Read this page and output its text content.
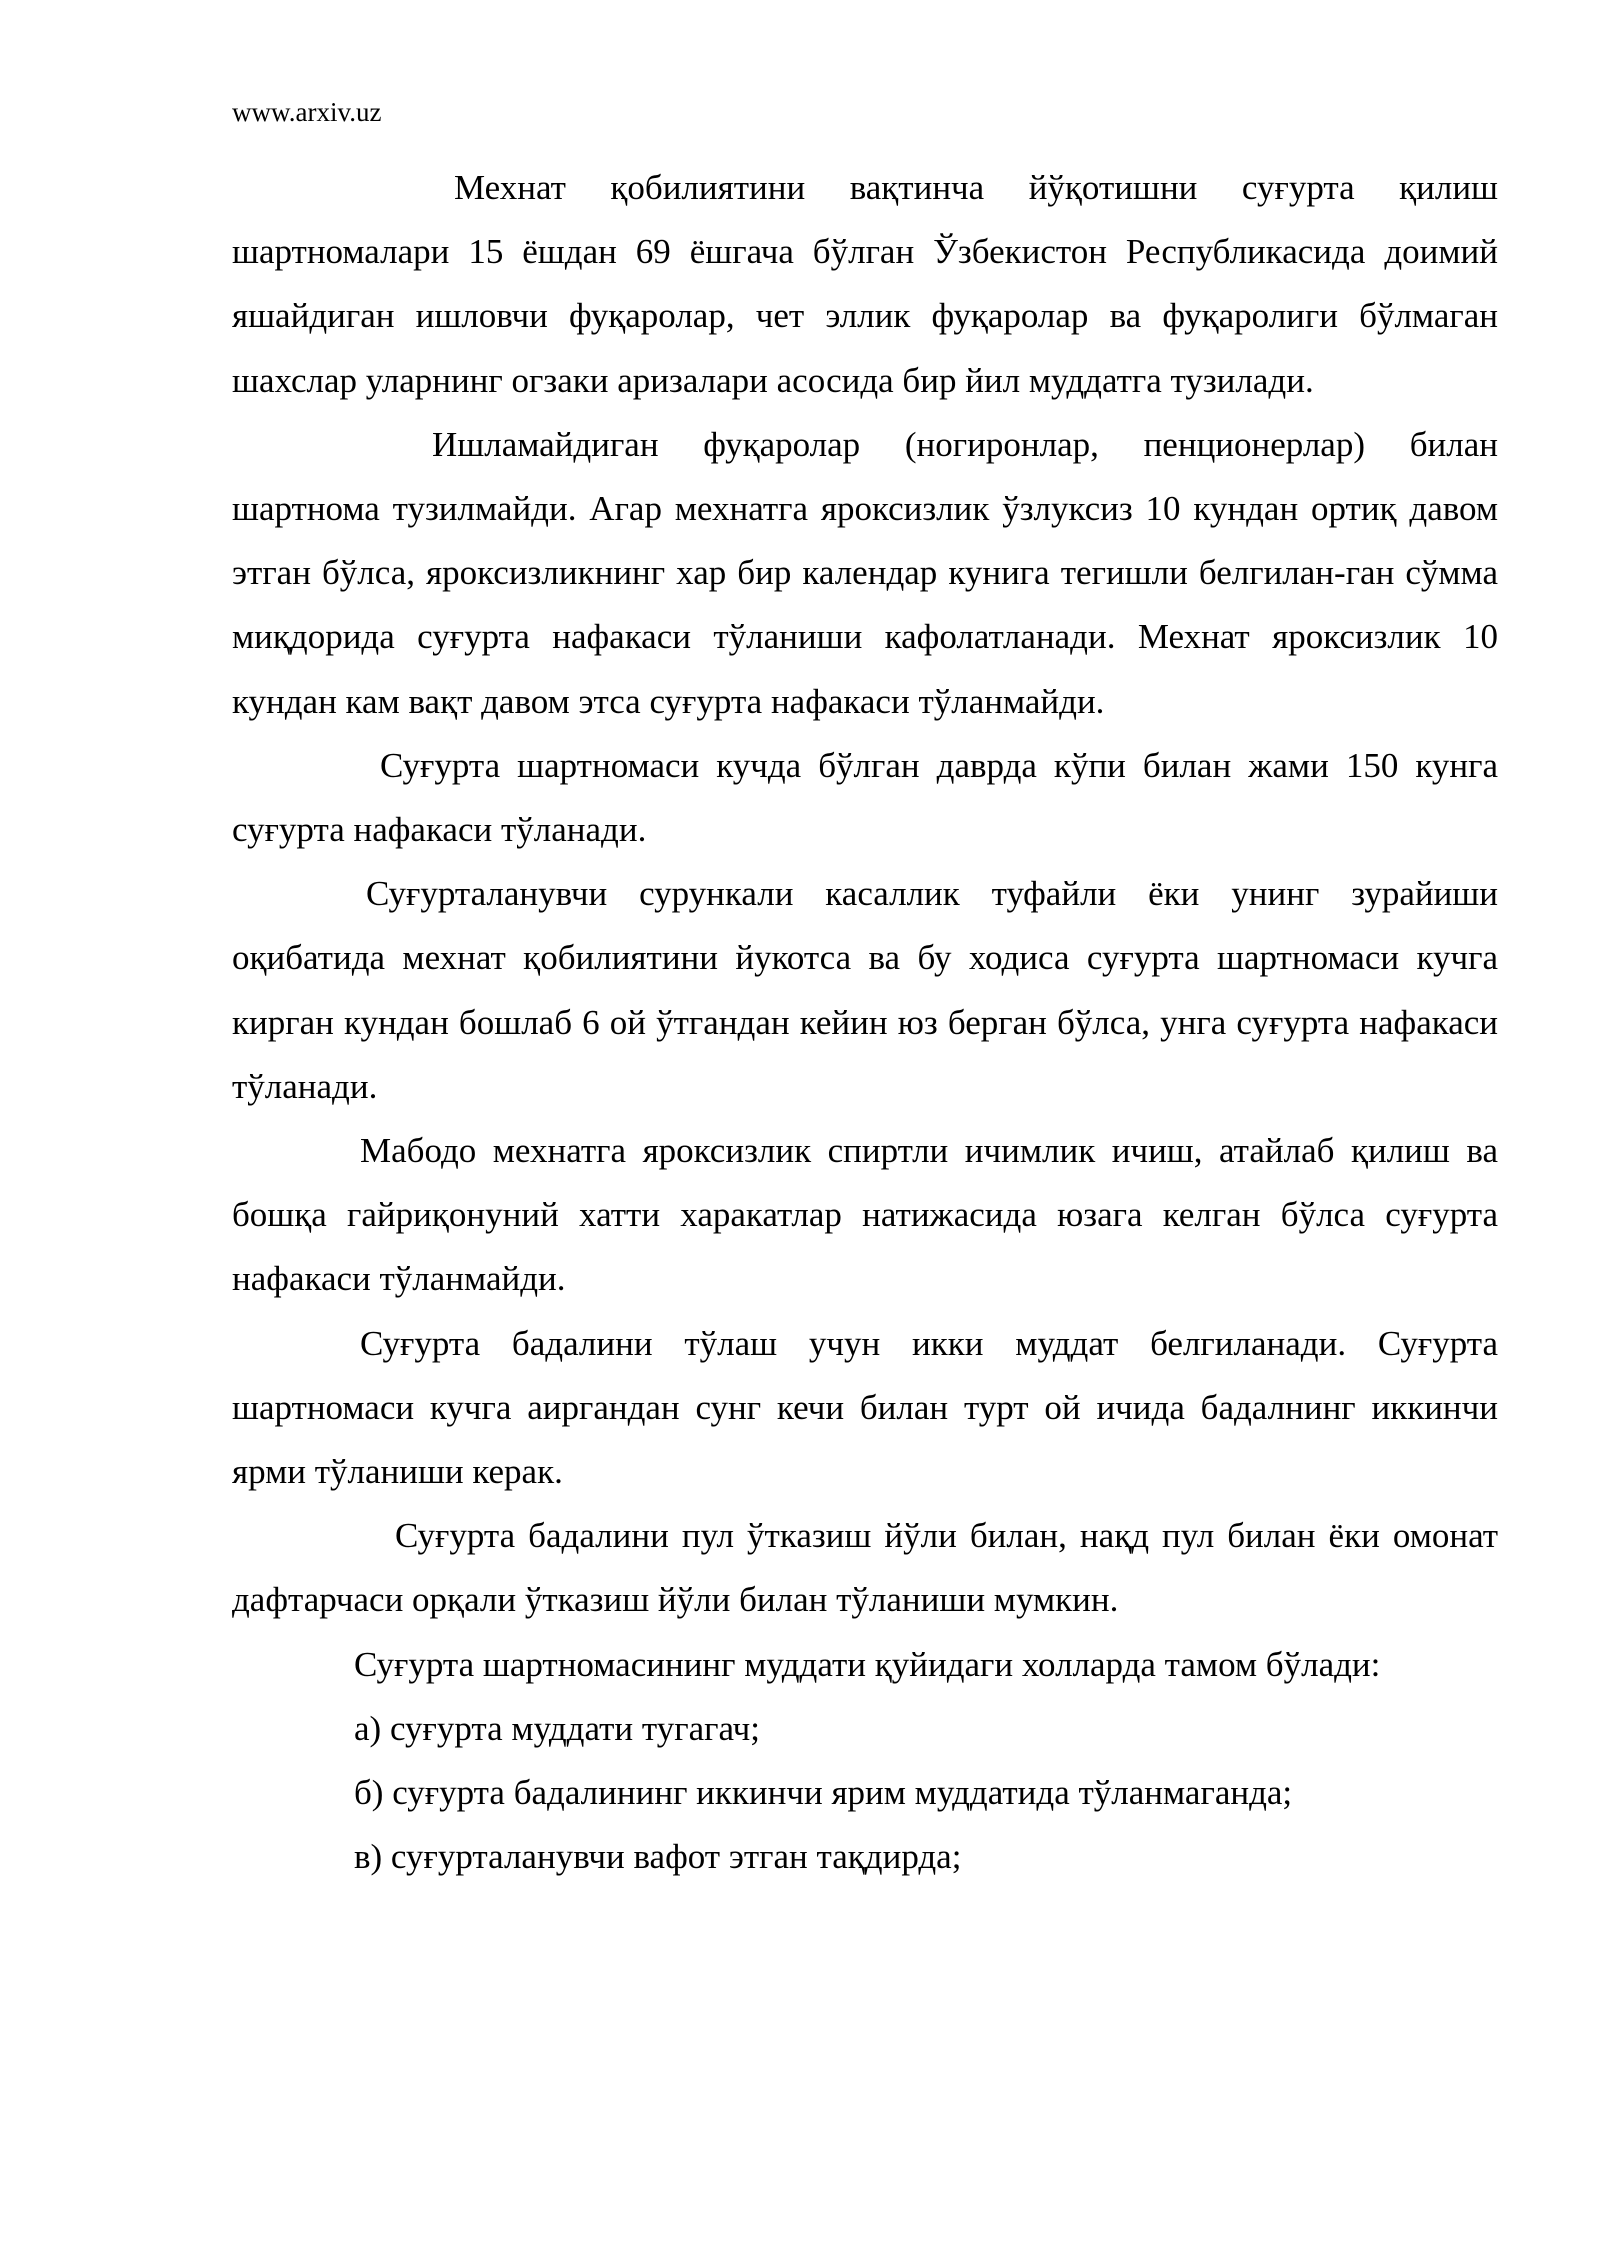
www.arxiv.uz

Мехнат қобилиятини вақтинча йўқотишни суғурта қилиш шартномалари 15 ёшдан 69 ёшгача бўлган Ўзбекистон Республикасида доимий яшайдиган ишловчи фуқаролар, чет эллик фуқаролар ва фуқаролиги бўлмаган шахслар уларнинг огзаки аризалари асосида бир йил муддатга тузилади.

Ишламайдиган фуқаролар (ногиронлар, пенционерлар) билан шартнома тузилмайди. Агар мехнатга яроксизлик ўзлуксиз 10 кундан ортиқ давом этган бўлса, яроксизликнинг хар бир календар кунига тегишли белгилан-ган сўмма миқдорида суғурта нафакаси тўланиши кафолатланади. Мехнат яроксизлик 10 кундан кам вақт давом этса суғурта нафакаси тўланмайди.

Суғурта шартномаси кучда бўлган даврда кўпи билан жами 150 кунга суғурта нафакаси тўланади.

Суғурталанувчи сурункали касаллик туфайли ёки унинг зурайиши оқибатида мехнат қобилиятини йукотса ва бу ходиса суғурта шартномаси кучга кирган кундан бошлаб 6 ой ўтгандан кейин юз берган бўлса, унга суғурта нафакаси тўланади.

Мабодо мехнатга яроксизлик спиртли ичимлик ичиш, атайлаб қилиш ва бошқа гайриқонуний хатти харакатлар натижасида юзага келган бўлса суғурта нафакаси тўланмайди.

Суғурта бадалини тўлаш учун икки муддат белгиланади. Суғурта шартномаси кучга аиргандан сунг кечи билан турт ой ичида бадалнинг иккинчи ярми тўланиши керак.

Суғурта бадалини пул ўтказиш йўли билан, нақд пул билан ёки омонат дафтарчаси орқали ўтказиш йўли билан тўланиши мумкин.

Суғурта шартномасининг муддати қуйидаги холларда тамом бўлади:

а) суғурта муддати тугагач;

б) суғурта бадалининг иккинчи ярим муддатида тўланмаганда;

в) суғурталанувчи вафот этган тақдирда;
